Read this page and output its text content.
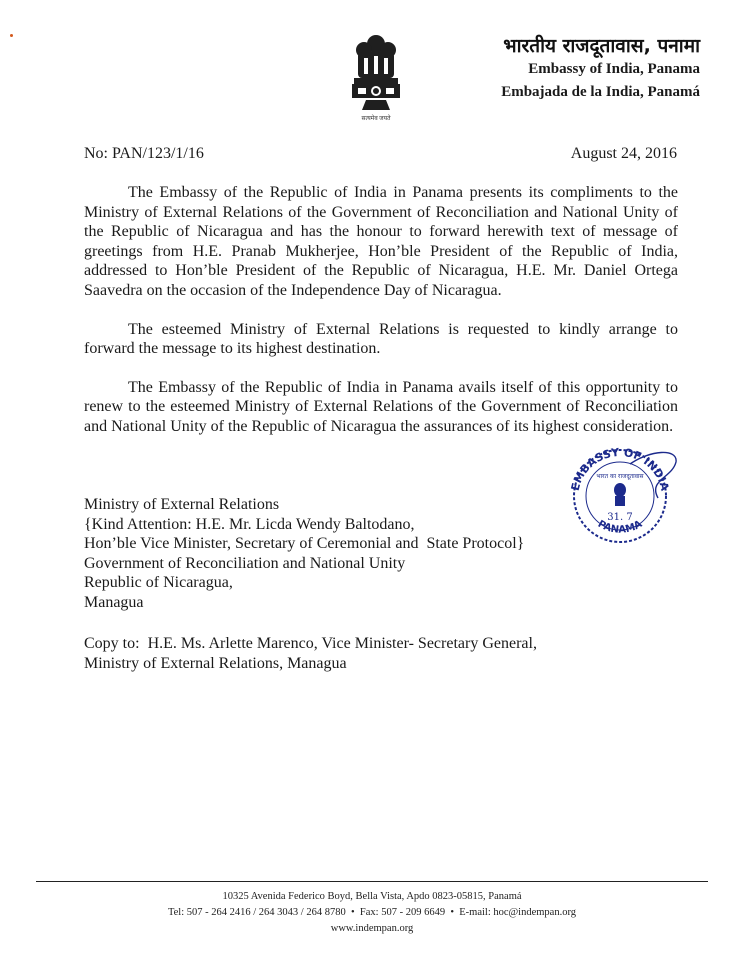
सत्यमेव जयते
भारतीय राजदूतावास, पनामा
Embassy of India, Panama
Embajada de la India, Panamá
No: PAN/123/1/16	August 24, 2016

The Embassy of the Republic of India in Panama presents its compliments to the Ministry of External Relations of the Government of Reconciliation and National Unity of the Republic of Nicaragua and has the honour to forward herewith text of message of greetings from H.E. Pranab Mukherjee, Hon’ble President of the Republic of India, addressed to Hon’ble President of the Republic of Nicaragua, H.E. Mr. Daniel Ortega Saavedra on the occasion of the Independence Day of Nicaragua.

The esteemed Ministry of External Relations is requested to kindly arrange to forward the message to its highest destination.

The Embassy of the Republic of India in Panama avails itself of this opportunity to renew to the esteemed Ministry of External Relations of the Government of Reconciliation and National Unity of the Republic of Nicaragua the assurances of its highest consideration.

EMBASSY OF INDIA
PANAMA
भारत का राजदूतावास
31. 7
Ministry of External Relations
{Kind Attention: H.E. Mr. Licda Wendy Baltodano,
Hon’ble Vice Minister, Secretary of Ceremonial and  State Protocol}
Government of Reconciliation and National Unity
Republic of Nicaragua,
Managua
Copy to:  H.E. Ms. Arlette Marenco, Vice Minister- Secretary General,
Ministry of External Relations, Managua
10325 Avenida Federico Boyd, Bella Vista, Apdo 0823-05815, Panamá
Tel: 507 - 264 2416 / 264 3043 / 264 8780  •  Fax: 507 - 209 6649  •  E-mail: hoc@indempan.org
www.indempan.org
